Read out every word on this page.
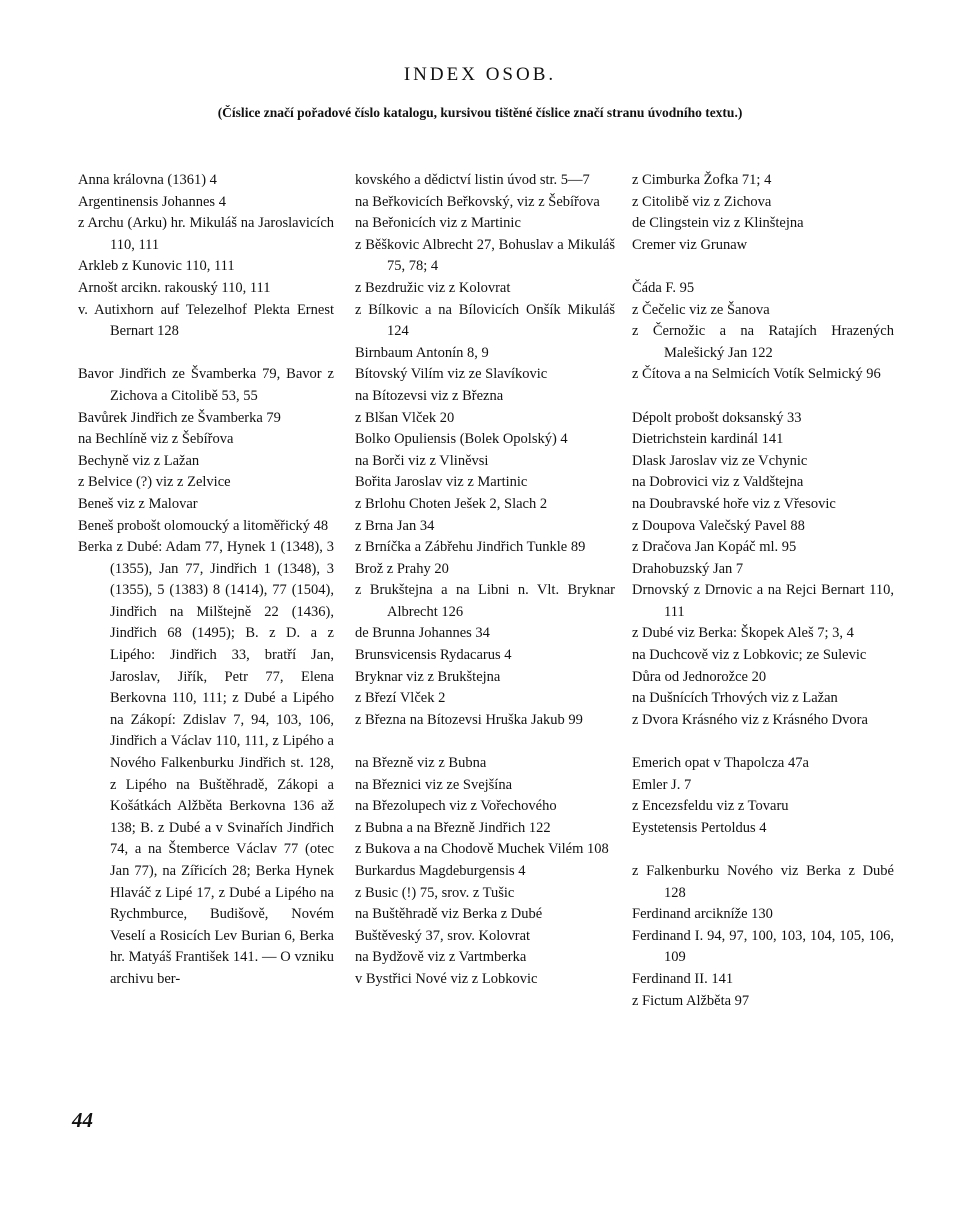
INDEX OSOB.
(Číslice značí pořadové číslo katalogu, kursivou tištěné číslice značí stranu úvodního textu.)

Anna královna (1361) 4

Argentinensis Johannes 4

z Archu (Arku) hr. Mikuláš na Jaroslavicích 110, 111

Arkleb z Kunovic 110, 111

Arnošt arcikn. rakouský 110, 111

v. Autixhorn auf Telezelhof Plekta Ernest Bernart 128

Bavor Jindřich ze Švamberka 79, Bavor z Zichova a Citolibě 53, 55

Bavůrek Jindřich ze Švamberka 79

na Bechlíně viz z Šebířova

Bechyně viz z Lažan

z Belvice (?) viz z Zelvice

Beneš viz z Malovar

Beneš probošt olomoucký a litoměřický 48

Berka z Dubé: Adam 77, Hynek 1 (1348), 3 (1355), Jan 77, Jindřich 1 (1348), 3 (1355), 5 (1383) 8 (1414), 77 (1504), Jindřich na Milštejně 22 (1436), Jindřich 68 (1495); B. z D. a z Lipého: Jindřich 33, bratří Jan, Jaroslav, Jiřík, Petr 77, Elena Berkovna 110, 111; z Dubé a Lipého na Zákopí: Zdislav 7, 94, 103, 106, Jindřich a Václav 110, 111, z Lipého a Nového Falkenburku Jindřich st. 128, z Lipého na Buštěhradě, Zákopi a Košátkách Alžběta Berkovna 136 až 138; B. z Dubé a v Svinařích Jindřich 74, a na Štemberce Václav 77 (otec Jan 77), na Zířicích 28; Berka Hynek Hlaváč z Lipé 17, z Dubé a Lipého na Rychmburce, Budišově, Novém Veselí a Rosicích Lev Burian 6, Berka hr. Matyáš František 141. — O vzniku archivu ber-

kovského a dědictví listin úvod str. 5—7

na Beřkovicích Beřkovský, viz z Šebířova

na Beřonicích viz z Martinic

z Běškovic Albrecht 27, Bohuslav a Mikuláš 75, 78; 4

z Bezdružic viz z Kolovrat

z Bílkovic a na Bílovicích Onšík Mikuláš 124

Birnbaum Antonín 8, 9

Bítovský Vilím viz ze Slavíkovic

na Bítozevsi viz z Března

z Blšan Vlček 20

Bolko Opuliensis (Bolek Opolský) 4

na Borči viz z Vliněvsi

Bořita Jaroslav viz z Martinic

z Brlohu Choten Ješek 2, Slach 2

z Brna Jan 34

z Brníčka a Zábřehu Jindřich Tunkle 89

Brož z Prahy 20

z Brukštejna a na Libni n. Vlt. Bryknar Albrecht 126

de Brunna Johannes 34

Brunsvicensis Rydacarus 4

Bryknar viz z Brukštejna

z Březí Vlček 2

z Března na Bítozevsi Hruška Jakub 99

na Březně viz z Bubna

na Březnici viz ze Svejšína

na Březolupech viz z Vořechového

z Bubna a na Březně Jindřich 122

z Bukova a na Chodově Muchek Vilém 108

Burkardus Magdeburgensis 4

z Busic (!) 75, srov. z Tušic

na Buštěhradě viz Berka z Dubé

Buštěveský 37, srov. Kolovrat

na Bydžově viz z Vartmberka

v Bystřici Nové viz z Lobkovic

z Cimburka Žofka 71; 4

z Citolibě viz z Zichova

de Clingstein viz z Klinštejna

Cremer viz Grunaw

Čáda F. 95

z Čečelic viz ze Šanova

z Černožic a na Ratajích Hrazených Malešický Jan 122

z Čítova a na Selmicích Votík Selmický 96

Dépolt probošt doksanský 33

Dietrichstein kardinál 141

Dlask Jaroslav viz ze Vchynic

na Dobrovici viz z Valdštejna

na Doubravské hoře viz z Vřesovic

z Doupova Valečský Pavel 88

z Dračova Jan Kopáč ml. 95

Drahobuzský Jan 7

Drnovský z Drnovic a na Rejci Bernart 110, 111

z Dubé viz Berka: Škopek Aleš 7; 3, 4

na Duchcově viz z Lobkovic; ze Sulevic

Důra od Jednorožce 20

na Dušnících Trhových viz z Lažan

z Dvora Krásného viz z Krásného Dvora

Emerich opat v Thapolcza 47a

Emler J. 7

z Encezsfeldu viz z Tovaru

Eystetensis Pertoldus 4

z Falkenburku Nového viz Berka z Dubé 128

Ferdinand arcikníže 130

Ferdinand I. 94, 97, 100, 103, 104, 105, 106, 109

Ferdinand II. 141

z Fictum Alžběta 97

44
